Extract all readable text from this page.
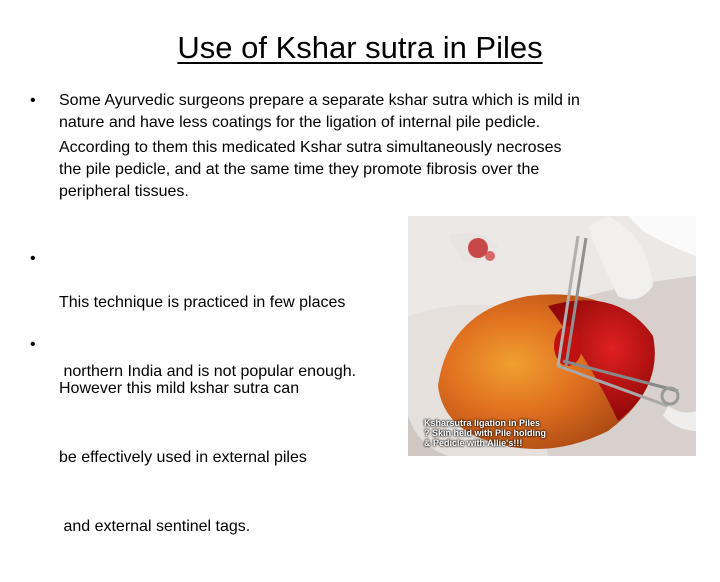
Use of Kshar sutra in Piles
• Some Ayurvedic surgeons prepare a separate kshar sutra which is mild in
nature and have less coatings for the ligation of internal pile pedicle.
According to them this medicated Kshar sutra simultaneously necroses
the pile pedicle, and at the same time they promote fibrosis over the
peripheral tissues.
•

This technique is practiced in few places

northern India and is not popular enough.

•

However this mild kshar sutra can

be effectively used in external piles

and external sentinel tags.

Ksharsutra ligation in Piles
? Skin held with Pile holding
& Pedicle with Allie's!!!
